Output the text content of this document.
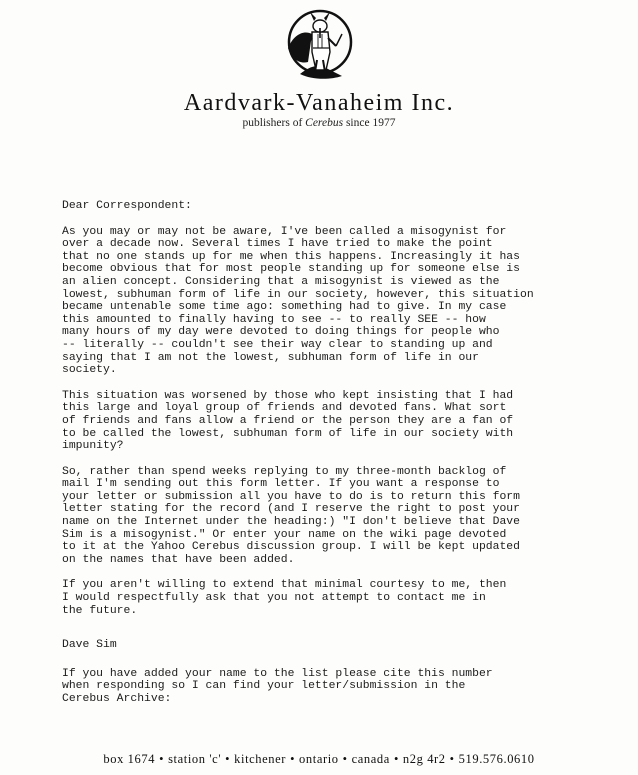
Aardvark-Vanaheim Inc.
publishers of Cerebus since 1977

Dear Correspondent:

As you may or may not be aware, I've been called a misogynist for
over a decade now. Several times I have tried to make the point
that no one stands up for me when this happens. Increasingly it has
become obvious that for most people standing up for someone else is
an alien concept. Considering that a misogynist is viewed as the
lowest, subhuman form of life in our society, however, this situation
became untenable some time ago: something had to give. In my case
this amounted to finally having to see -- to really SEE -- how
many hours of my day were devoted to doing things for people who
-- literally -- couldn't see their way clear to standing up and
saying that I am not the lowest, subhuman form of life in our
society.

This situation was worsened by those who kept insisting that I had
this large and loyal group of friends and devoted fans. What sort
of friends and fans allow a friend or the person they are a fan of
to be called the lowest, subhuman form of life in our society with
impunity?

So, rather than spend weeks replying to my three-month backlog of
mail I'm sending out this form letter. If you want a response to
your letter or submission all you have to do is to return this form
letter stating for the record (and I reserve the right to post your
name on the Internet under the heading:) "I don't believe that Dave
Sim is a misogynist." Or enter your name on the wiki page devoted
to it at the Yahoo Cerebus discussion group. I will be kept updated
on the names that have been added.

If you aren't willing to extend that minimal courtesy to me, then
I would respectfully ask that you not attempt to contact me in
the future.

Dave Sim

If you have added your name to the list please cite this number
when responding so I can find your letter/submission in the
Cerebus Archive:

box 1674 • station 'c' • kitchener • ontario • canada • n2g 4r2 • 519.576.0610
